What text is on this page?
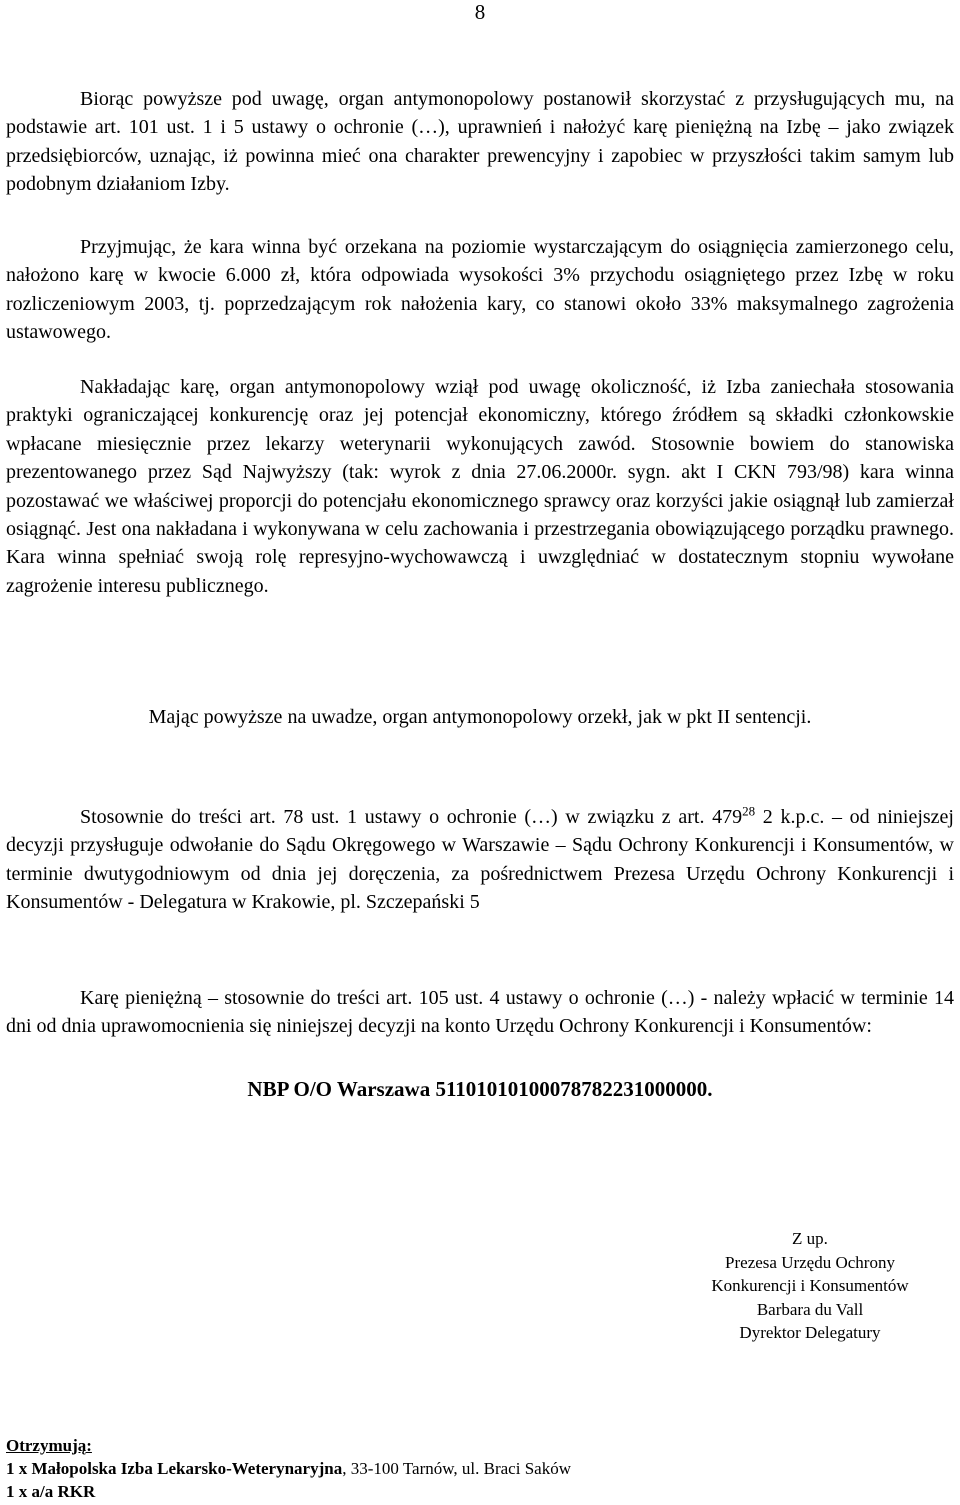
8

Biorąc powyższe pod uwagę, organ antymonopolowy postanowił skorzystać z przysługujących mu, na podstawie art. 101 ust. 1 i 5 ustawy o ochronie (…), uprawnień i nałożyć karę pieniężną na Izbę – jako związek przedsiębiorców, uznając, iż powinna mieć ona charakter prewencyjny i zapobiec w przyszłości takim samym lub podobnym działaniom Izby.

Przyjmując, że kara winna być orzekana na poziomie wystarczającym do osiągnięcia zamierzonego celu, nałożono karę w kwocie 6.000 zł, która odpowiada wysokości 3% przychodu osiągniętego przez Izbę w roku rozliczeniowym 2003, tj. poprzedzającym rok nałożenia kary, co stanowi około 33% maksymalnego zagrożenia ustawowego.

Nakładając karę, organ antymonopolowy wziął pod uwagę okoliczność, iż Izba zaniechała stosowania praktyki ograniczającej konkurencję oraz jej potencjał ekonomiczny, którego źródłem są składki członkowskie wpłacane miesięcznie przez lekarzy weterynarii wykonujących zawód. Stosownie bowiem do stanowiska prezentowanego przez Sąd Najwyższy (tak: wyrok z dnia 27.06.2000r. sygn. akt I CKN 793/98) kara winna pozostawać we właściwej proporcji do potencjału ekonomicznego sprawcy oraz korzyści jakie osiągnął lub zamierzał osiągnąć. Jest ona nakładana i wykonywana w celu zachowania i przestrzegania obowiązującego porządku prawnego. Kara winna spełniać swoją rolę represyjno-wychowawczą i uwzględniać w dostatecznym stopniu wywołane zagrożenie interesu publicznego.

Mając powyższe na uwadze, organ antymonopolowy orzekł, jak w pkt II sentencji.

Stosownie do treści art. 78 ust. 1 ustawy o ochronie (…) w związku z art. $479^{28}$ 2 k.p.c. – od niniejszej decyzji przysługuje odwołanie do Sądu Okręgowego w Warszawie – Sądu Ochrony Konkurencji i Konsumentów, w terminie dwutygodniowym od dnia jej doręczenia, za pośrednictwem Prezesa Urzędu Ochrony Konkurencji i Konsumentów - Delegatura w Krakowie, pl. Szczepański 5

Karę pieniężną – stosownie do treści art. 105 ust. 4 ustawy o ochronie (…) - należy wpłacić w terminie 14 dni od dnia uprawomocnienia się niniejszej decyzji na konto Urzędu Ochrony Konkurencji i Konsumentów:

NBP O/O Warszawa 51101010100078782231000000.
Z up.
Prezesa Urzędu Ochrony
Konkurencji i Konsumentów
Barbara du Vall
Dyrektor Delegatury
Otrzymują:
1 x Małopolska Izba Lekarsko-Weterynaryjna, 33-100 Tarnów, ul. Braci Saków
1 x a/a RKR
